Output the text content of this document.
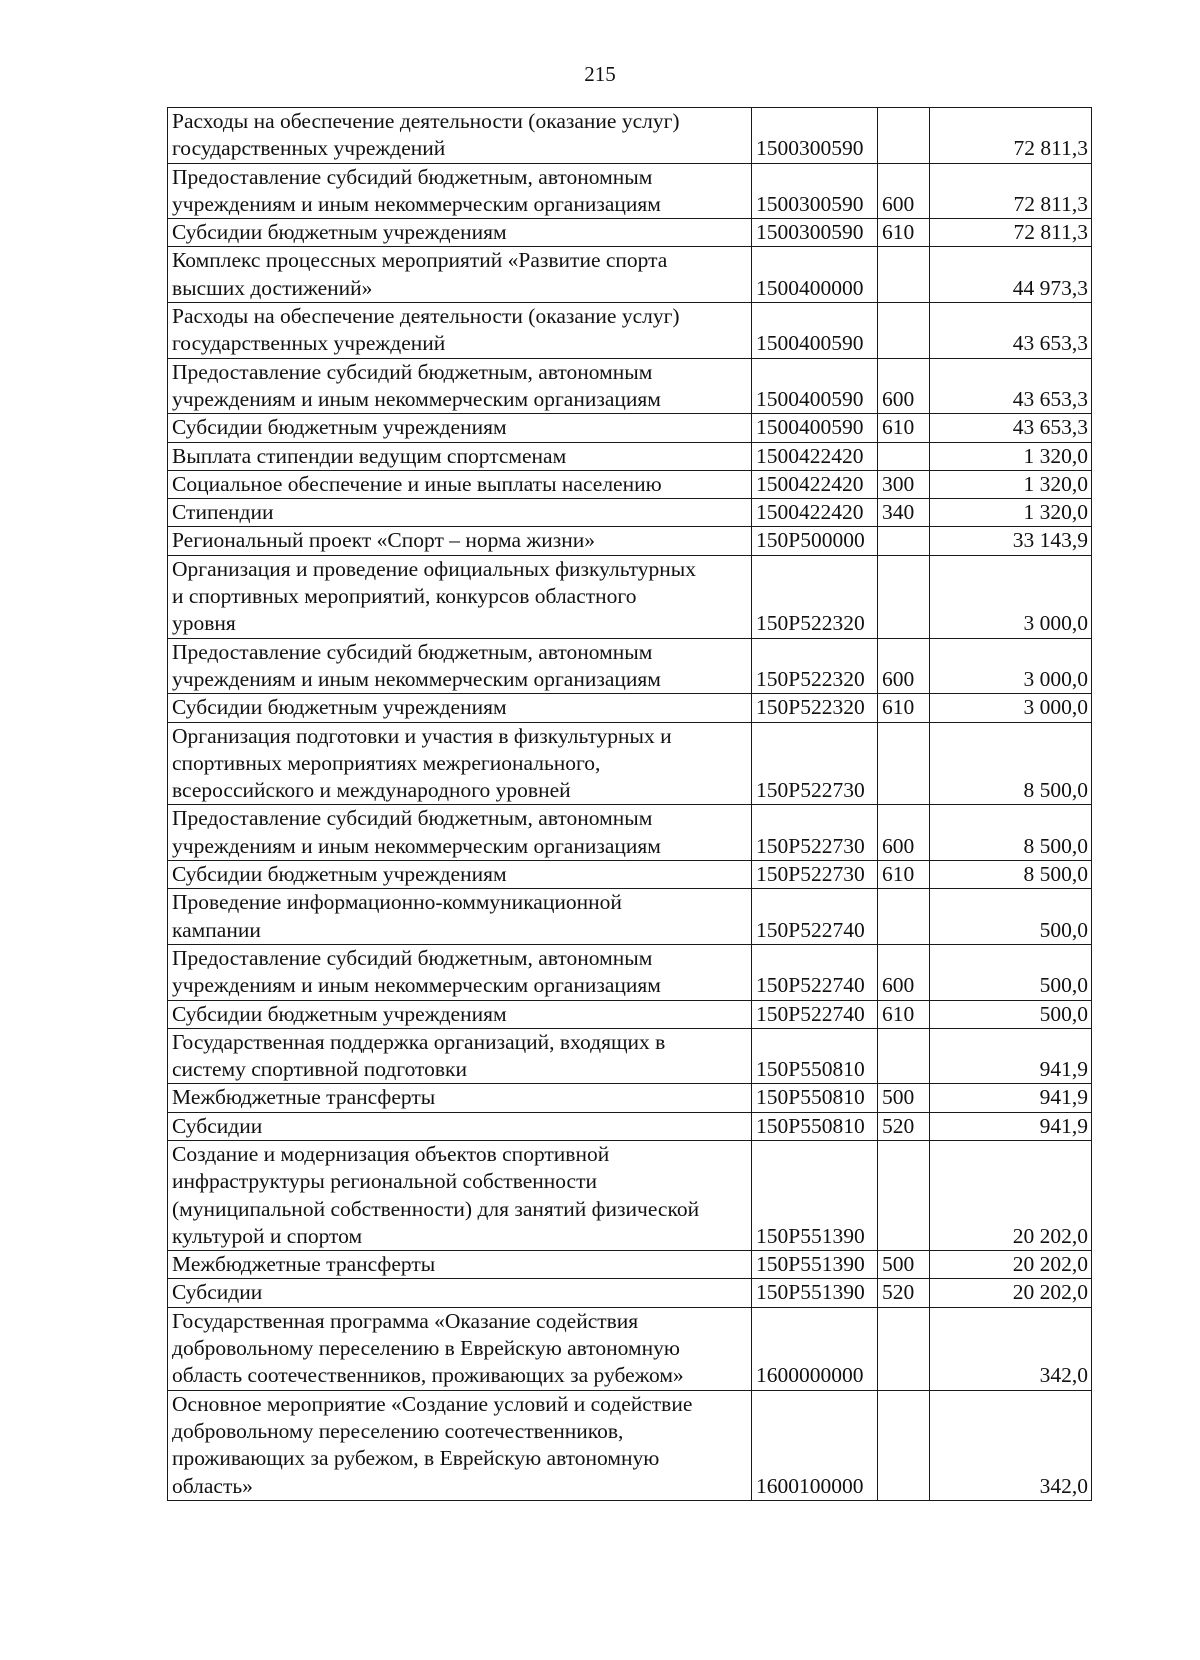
215
Расходы на обеспечение деятельности (оказание услуг)
государственных учреждений	1500300590		72 811,3
Предоставление субсидий бюджетным, автономным
учреждениям и иным некоммерческим организациям	1500300590	600	72 811,3
Субсидии бюджетным учреждениям	1500300590	610	72 811,3
Комплекс процессных мероприятий «Развитие спорта
высших достижений»	1500400000		44 973,3
Расходы на обеспечение деятельности (оказание услуг)
государственных учреждений	1500400590		43 653,3
Предоставление субсидий бюджетным, автономным
учреждениям и иным некоммерческим организациям	1500400590	600	43 653,3
Субсидии бюджетным учреждениям	1500400590	610	43 653,3
Выплата стипендии ведущим спортсменам	1500422420		1 320,0
Социальное обеспечение и иные выплаты населению	1500422420	300	1 320,0
Стипендии	1500422420	340	1 320,0
Региональный проект «Спорт – норма жизни»	150P500000		33 143,9
Организация и проведение официальных физкультурных
и спортивных мероприятий, конкурсов областного
уровня	150P522320		3 000,0
Предоставление субсидий бюджетным, автономным
учреждениям и иным некоммерческим организациям	150P522320	600	3 000,0
Субсидии бюджетным учреждениям	150P522320	610	3 000,0
Организация подготовки и участия в физкультурных и
спортивных мероприятиях межрегионального,
всероссийского и международного уровней	150P522730		8 500,0
Предоставление субсидий бюджетным, автономным
учреждениям и иным некоммерческим организациям	150P522730	600	8 500,0
Субсидии бюджетным учреждениям	150P522730	610	8 500,0
Проведение информационно-коммуникационной
кампании	150P522740		500,0
Предоставление субсидий бюджетным, автономным
учреждениям и иным некоммерческим организациям	150P522740	600	500,0
Субсидии бюджетным учреждениям	150P522740	610	500,0
Государственная поддержка организаций, входящих в
систему спортивной подготовки	150P550810		941,9
Межбюджетные трансферты	150P550810	500	941,9
Субсидии	150P550810	520	941,9
Создание и модернизация объектов спортивной
инфраструктуры региональной собственности
(муниципальной собственности) для занятий физической
культурой и спортом	150P551390		20 202,0
Межбюджетные трансферты	150P551390	500	20 202,0
Субсидии	150P551390	520	20 202,0
Государственная программа «Оказание содействия
добровольному переселению в Еврейскую автономную
область соотечественников, проживающих за рубежом»	1600000000		342,0
Основное мероприятие «Создание условий и содействие
добровольному переселению соотечественников,
проживающих за рубежом, в Еврейскую автономную
область»	1600100000		342,0
